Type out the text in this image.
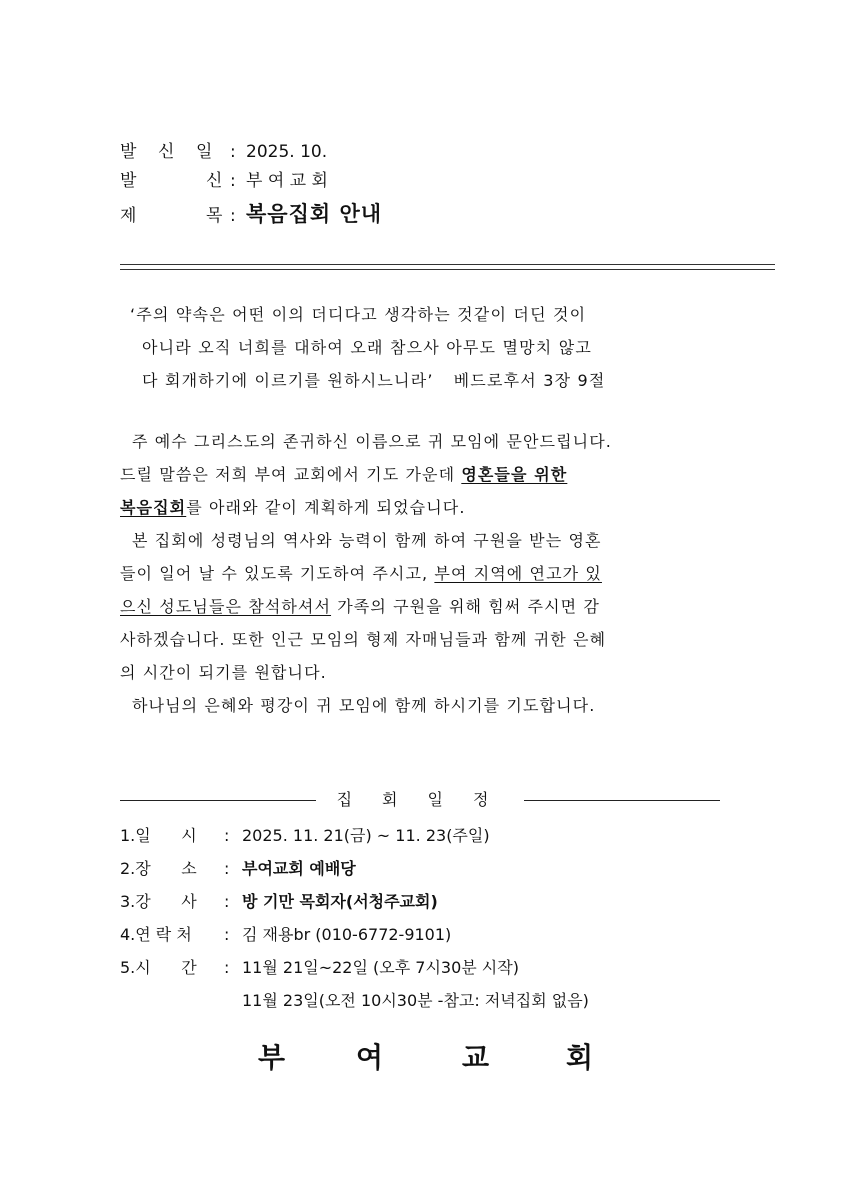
발 신 일 : 2025. 10.
발	신 : 부 여 교 회
제	목 : 복음집회 안내
‘주의 약속은 어떤 이의 더디다고 생각하는 것같이 더딘 것이
아니라 오직 너희를 대하여 오래 참으사 아무도 멸망치 않고
다 회개하기에 이르기를 원하시느니라’ 베드로후서 3장 9절
주 예수 그리스도의 존귀하신 이름으로 귀 모임에 문안드립니다.
드릴 말씀은 저희 부여 교회에서 기도 가운데 영혼들을 위한
복음집회를 아래와 같이 계획하게 되었습니다.
본 집회에 성령님의 역사와 능력이 함께 하여 구원을 받는 영혼
들이 일어 날 수 있도록 기도하여 주시고, 부여 지역에 연고가 있
으신 성도님들은 참석하셔서 가족의 구원을 위해 힘써 주시면 감
사하겠습니다. 또한 인근 모임의 형제 자매님들과 함께 귀한 은혜
의 시간이 되기를 원합니다.
하나님의 은혜와 평강이 귀 모임에 함께 하시기를 기도합니다.
집회일정
1.일      시 : 2025. 11. 21(금) ~ 11. 23(주일)
2.장      소 : 부여교회 예배당
3.강      사 : 방 기만 목회자(서청주교회)
4.연 락 처 : 김 재용br (010-6772-9101)
5.시      간 : 11월 21일~22일 (오후 7시30분 시작)
11월 23일(오전 10시30분 -참고: 저녁집회 없음)
부	여	교	회
